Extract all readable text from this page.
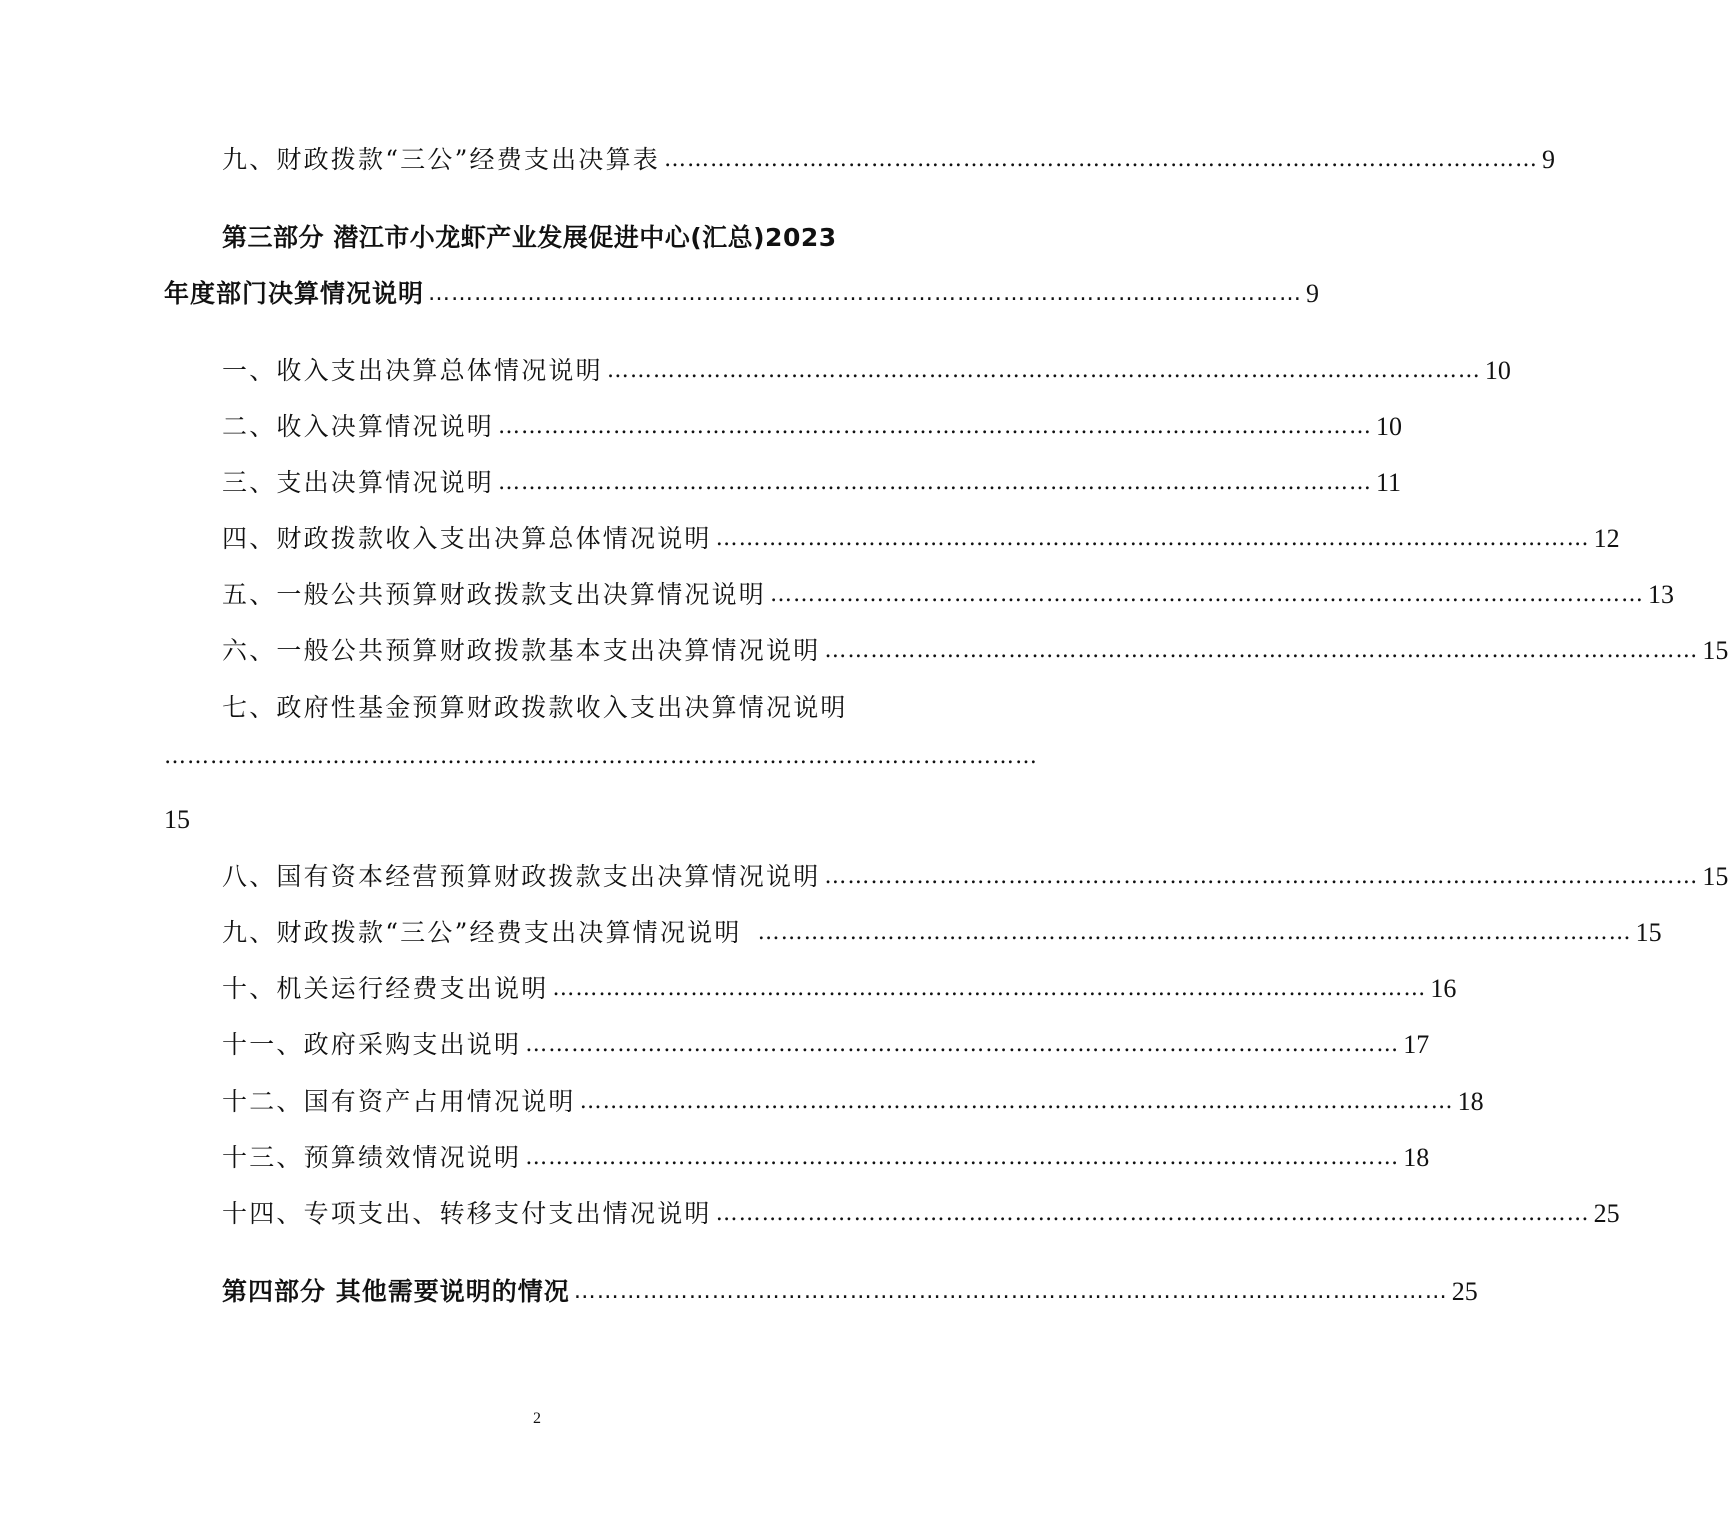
九、财政拨款“三公”经费支出决算表 …………………………………………………………………………………………………… 9
第三部分 潜江市小龙虾产业发展促进中心(汇总)2023
年度部门决算情况说明 …………………………………………………………………………………………………… 9
一、收入支出决算总体情况说明 …………………………………………………………………………………………………… 10
二、收入决算情况说明 …………………………………………………………………………………………………… 10
三、支出决算情况说明 …………………………………………………………………………………………………… 11
四、财政拨款收入支出决算总体情况说明 …………………………………………………………………………………………………… 12
五、一般公共预算财政拨款支出决算情况说明 …………………………………………………………………………………………………… 13
六、一般公共预算财政拨款基本支出决算情况说明 …………………………………………………………………………………………………… 15
七、政府性基金预算财政拨款收入支出决算情况说明
……………………………………………………………………………………………………
15
八、国有资本经营预算财政拨款支出决算情况说明 …………………………………………………………………………………………………… 15
九、财政拨款“三公”经费支出决算情况说明 …………………………………………………………………………………………………… 15
十、机关运行经费支出说明 …………………………………………………………………………………………………… 16
十一、政府采购支出说明 …………………………………………………………………………………………………… 17
十二、国有资产占用情况说明 …………………………………………………………………………………………………… 18
十三、预算绩效情况说明 …………………………………………………………………………………………………… 18
十四、专项支出、转移支付支出情况说明 …………………………………………………………………………………………………… 25
第四部分 其他需要说明的情况 …………………………………………………………………………………………………… 25
2
